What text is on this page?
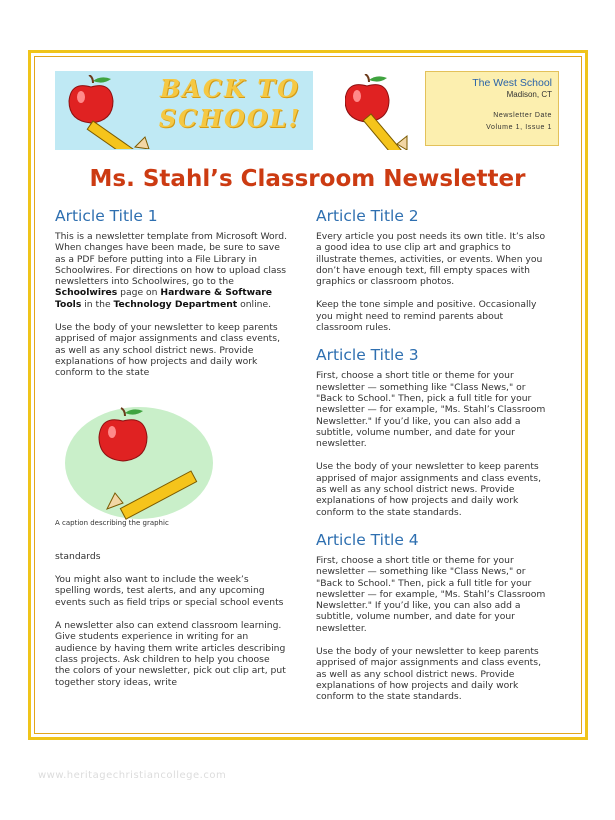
BACK TO
SCHOOL!
The West School
Madison, CT
Newsletter Date
Volume 1, Issue 1
Ms. Stahl’s Classroom Newsletter
Article Title 1

This is a newsletter template from Microsoft Word. When changes have been made, be sure to save as a PDF before putting into a File Library in Schoolwires. For directions on how to upload class newsletters into Schoolwires, go to the Schoolwires page on Hardware & Software Tools in the Technology Department online.

Use the body of your newsletter to keep parents apprised of major assignments and class events, as well as any school district news. Provide explanations of how projects and daily work conform to the state

A caption describing the graphic

standards

You might also want to include the week’s spelling words, test alerts, and any upcoming events such as field trips or special school events

A newsletter also can extend classroom learning. Give students experience in writing for an audience by having them write articles describing class projects. Ask children to help you choose the colors of your newsletter, pick out clip art, put together story ideas, write

Article Title 2

Every article you post needs its own title. It’s also a good idea to use clip art and graphics to illustrate themes, activities, or events. When you don’t have enough text, fill empty spaces with graphics or classroom photos.

Keep the tone simple and positive. Occasionally you might need to remind parents about classroom rules.

Article Title 3

First, choose a short title or theme for your newsletter — something like "Class News," or "Back to School." Then, pick a full title for your newsletter — for example, "Ms. Stahl’s Classroom Newsletter." If you’d like, you can also add a subtitle, volume number, and date for your newsletter.

Use the body of your newsletter to keep parents apprised of major assignments and class events, as well as any school district news. Provide explanations of how projects and daily work conform to the state standards.

Article Title 4

First, choose a short title or theme for your newsletter — something like "Class News," or "Back to School." Then, pick a full title for your newsletter — for example, "Ms. Stahl’s Classroom Newsletter." If you’d like, you can also add a subtitle, volume number, and date for your newsletter.

Use the body of your newsletter to keep parents apprised of major assignments and class events, as well as any school district news. Provide explanations of how projects and daily work conform to the state standards.

www.heritagechristiancollege.com
